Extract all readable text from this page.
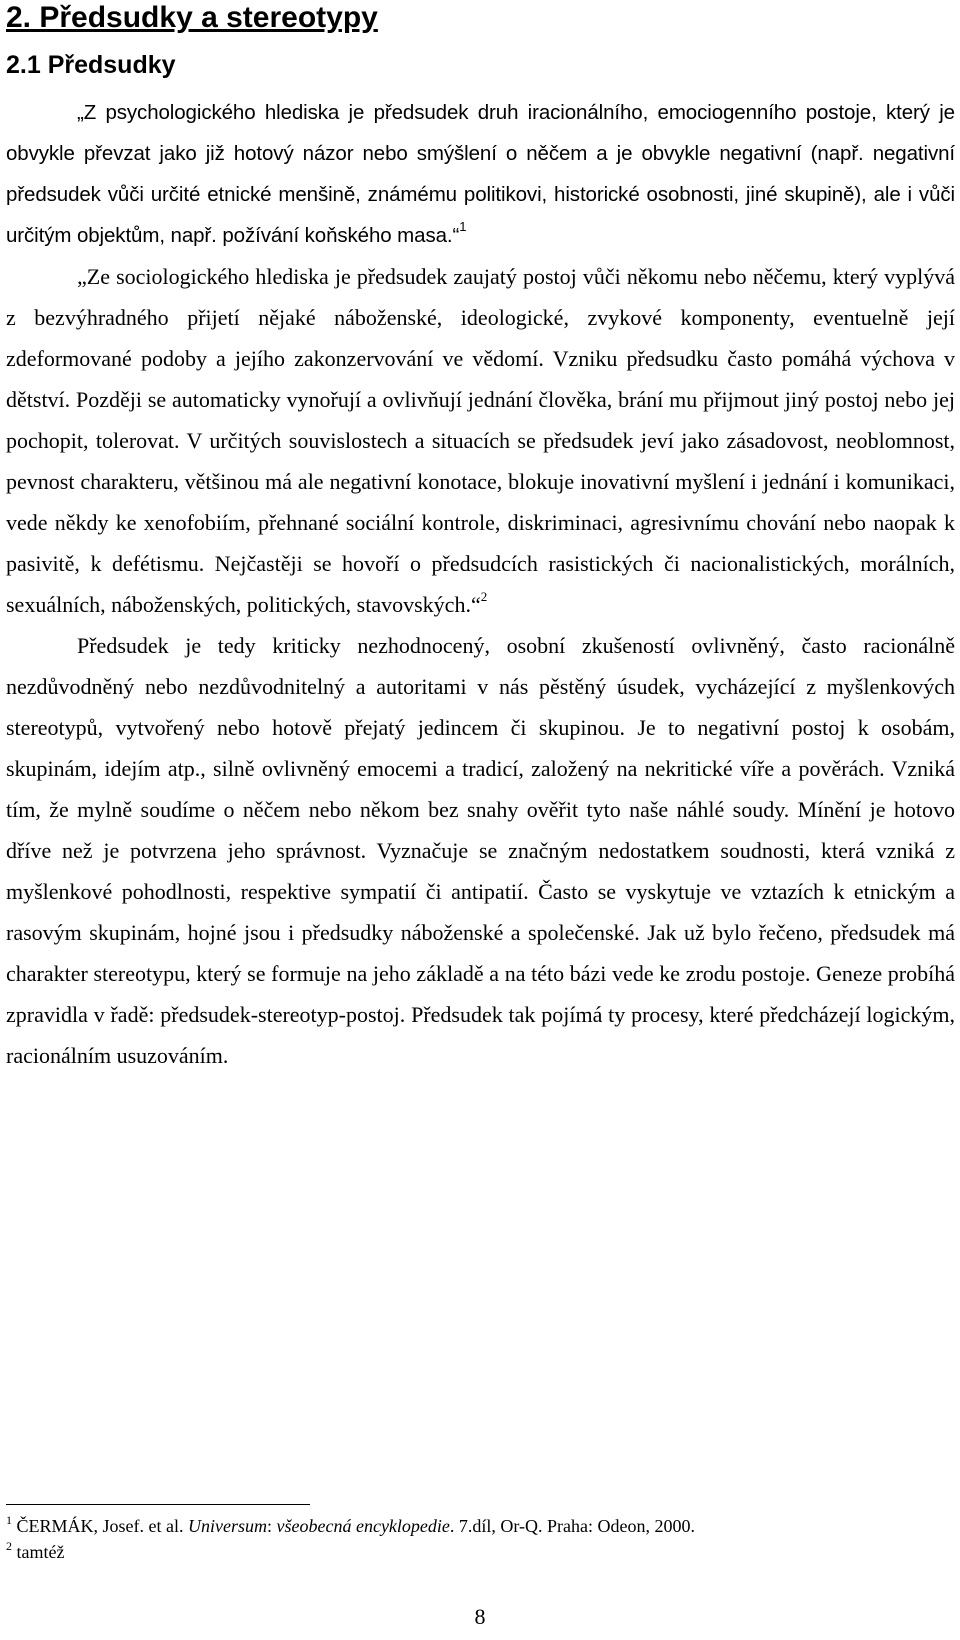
2. Předsudky a stereotypy
2.1 Předsudky

„Z psychologického hlediska je předsudek druh iracionálního, emociogenního postoje, který je obvykle převzat jako již hotový názor nebo smýšlení o něčem a je obvykle negativní (např. negativní předsudek vůči určité etnické menšině, známému politikovi, historické osobnosti, jiné skupině), ale i vůči určitým objektům, např. požívání koňského masa.“$^1$

„Ze sociologického hlediska je předsudek zaujatý postoj vůči někomu nebo něčemu, který vyplývá z bezvýhradného přijetí nějaké náboženské, ideologické, zvykové komponenty, eventuelně její zdeformované podoby a jejího zakonzervování ve vědomí. Vzniku předsudku často pomáhá výchova v dětství. Později se automaticky vynořují a ovlivňují jednání člověka, brání mu přijmout jiný postoj nebo jej pochopit, tolerovat. V určitých souvislostech a situacích se předsudek jeví jako zásadovost, neoblomnost, pevnost charakteru, většinou má ale negativní konotace, blokuje inovativní myšlení i jednání i komunikaci, vede někdy ke xenofobiím, přehnané sociální kontrole, diskriminaci, agresivnímu chování nebo naopak k pasivitě, k defétismu. Nejčastěji se hovoří o předsudcích rasistických či nacionalistických, morálních, sexuálních, náboženských, politických, stavovských.“$^2$

Předsudek je tedy kriticky nezhodnocený, osobní zkušeností ovlivněný, často racionálně nezdůvodněný nebo nezdůvodnitelný a autoritami v nás pěstěný úsudek, vycházející z myšlenkových stereotypů, vytvořený nebo hotově přejatý jedincem či skupinou. Je to negativní postoj k osobám, skupinám, idejím atp., silně ovlivněný emocemi a tradicí, založený na nekritické víře a pověrách. Vzniká tím, že mylně soudíme o něčem nebo někom bez snahy ověřit tyto naše náhlé soudy. Mínění je hotovo dříve než je potvrzena jeho správnost. Vyznačuje se značným nedostatkem soudnosti, která vzniká z myšlenkové pohodlnosti, respektive sympatií či antipatií. Často se vyskytuje ve vztazích k etnickým a rasovým skupinám, hojné jsou i předsudky náboženské a společenské. Jak už bylo řečeno, předsudek má charakter stereotypu, který se formuje na jeho základě a na této bázi vede ke zrodu postoje. Geneze probíhá zpravidla v řadě: předsudek-stereotyp-postoj. Předsudek tak pojímá ty procesy, které předcházejí logickým, racionálním usuzováním.

$^1$ ČERMÁK, Josef. et al. Universum: všeobecná encyklopedie. 7.díl, Or-Q. Praha: Odeon, 2000.
$^2$ tamtéž
8
